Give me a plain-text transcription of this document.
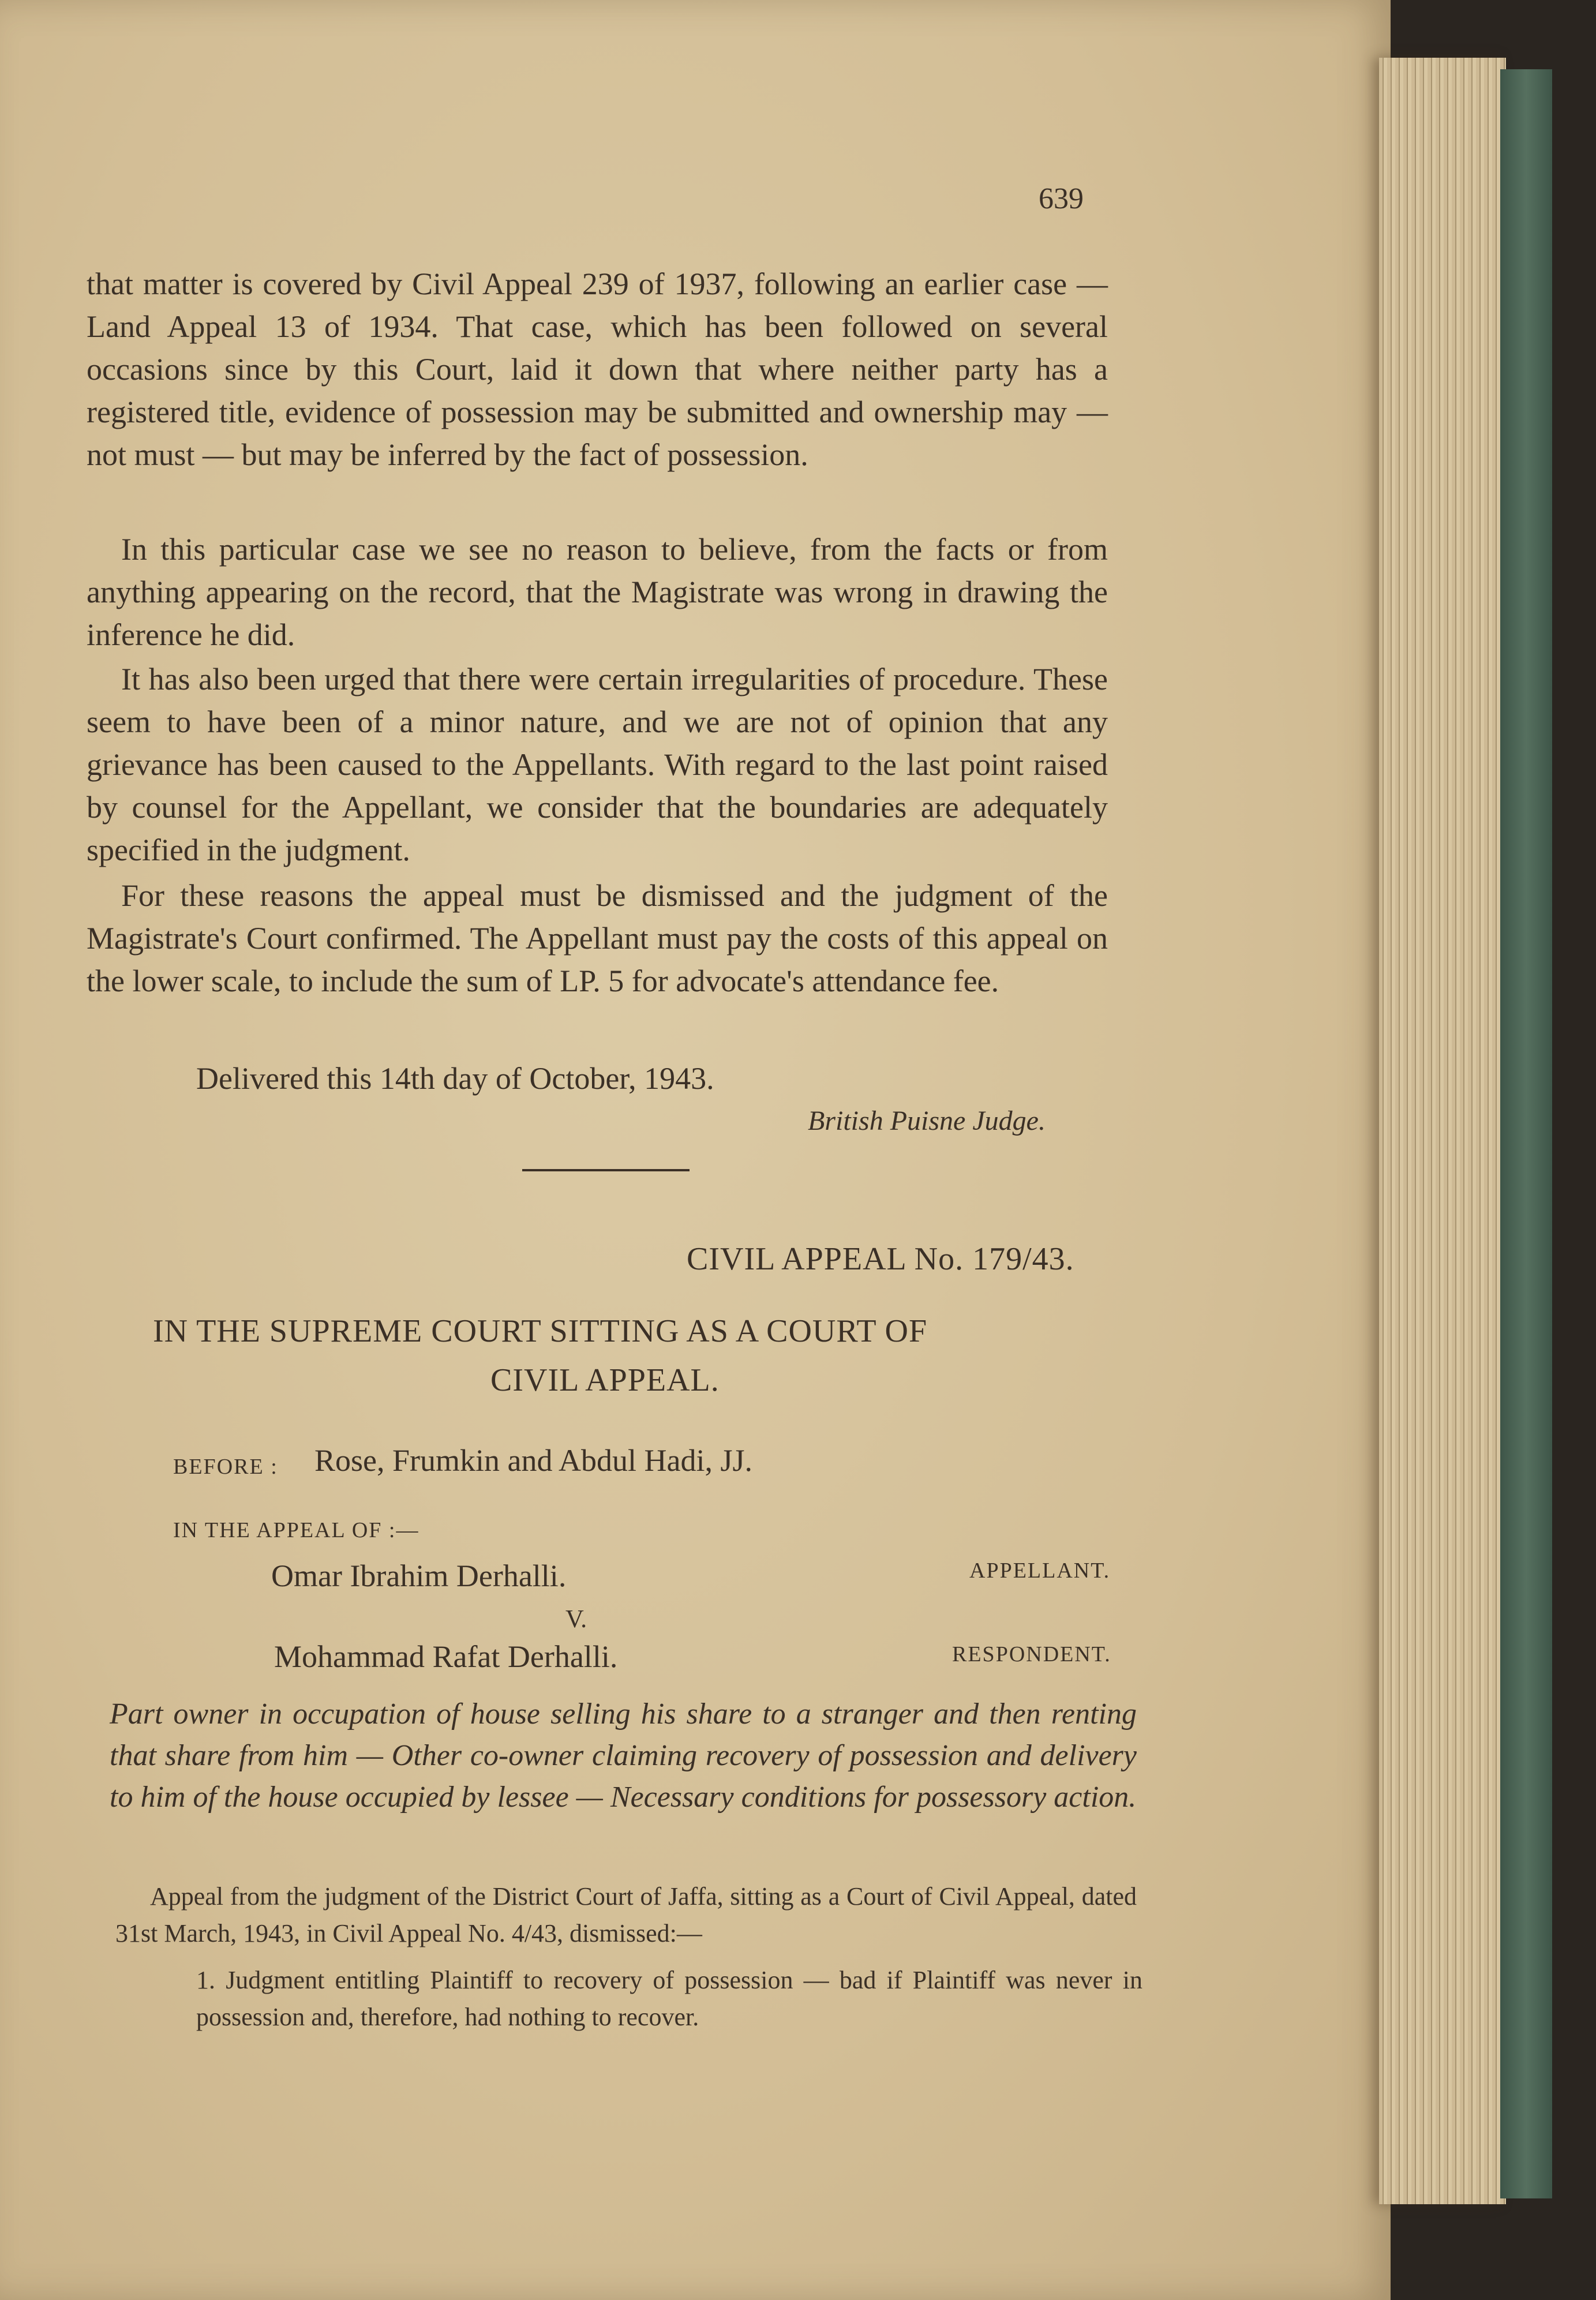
639

that matter is covered by Civil Appeal 239 of 1937, following an earlier case — Land Appeal 13 of 1934. That case, which has been followed on several occasions since by this Court, laid it down that where neither party has a registered title, evidence of possession may be submitted and ownership may — not must — but may be inferred by the fact of possession.

In this particular case we see no reason to believe, from the facts or from anything appearing on the record, that the Magistrate was wrong in drawing the inference he did.

It has also been urged that there were certain irregularities of procedure. These seem to have been of a minor nature, and we are not of opinion that any grievance has been caused to the Appellants. With regard to the last point raised by counsel for the Appellant, we consider that the boundaries are adequately specified in the judgment.

For these reasons the appeal must be dismissed and the judgment of the Magistrate's Court confirmed. The Appellant must pay the costs of this appeal on the lower scale, to include the sum of LP. 5 for advocate's attendance fee.

Delivered this 14th day of October, 1943.
British Puisne Judge.
CIVIL APPEAL No. 179/43.
IN THE SUPREME COURT SITTING AS A COURT OF
CIVIL APPEAL.
BEFORE : Rose, Frumkin and Abdul Hadi, JJ.
IN THE APPEAL OF :—
Omar Ibrahim Derhalli.	APPELLANT.
V.
Mohammad Rafat Derhalli.	RESPONDENT.

Part owner in occupation of house selling his share to a stranger and then renting that share from him — Other co-owner claiming recovery of possession and delivery to him of the house occupied by lessee — Necessary conditions for possessory action.

Appeal from the judgment of the District Court of Jaffa, sitting as a Court of Civil Appeal, dated 31st March, 1943, in Civil Appeal No. 4/43, dismissed:—

1. Judgment entitling Plaintiff to recovery of possession — bad if Plaintiff was never in possession and, therefore, had nothing to recover.
